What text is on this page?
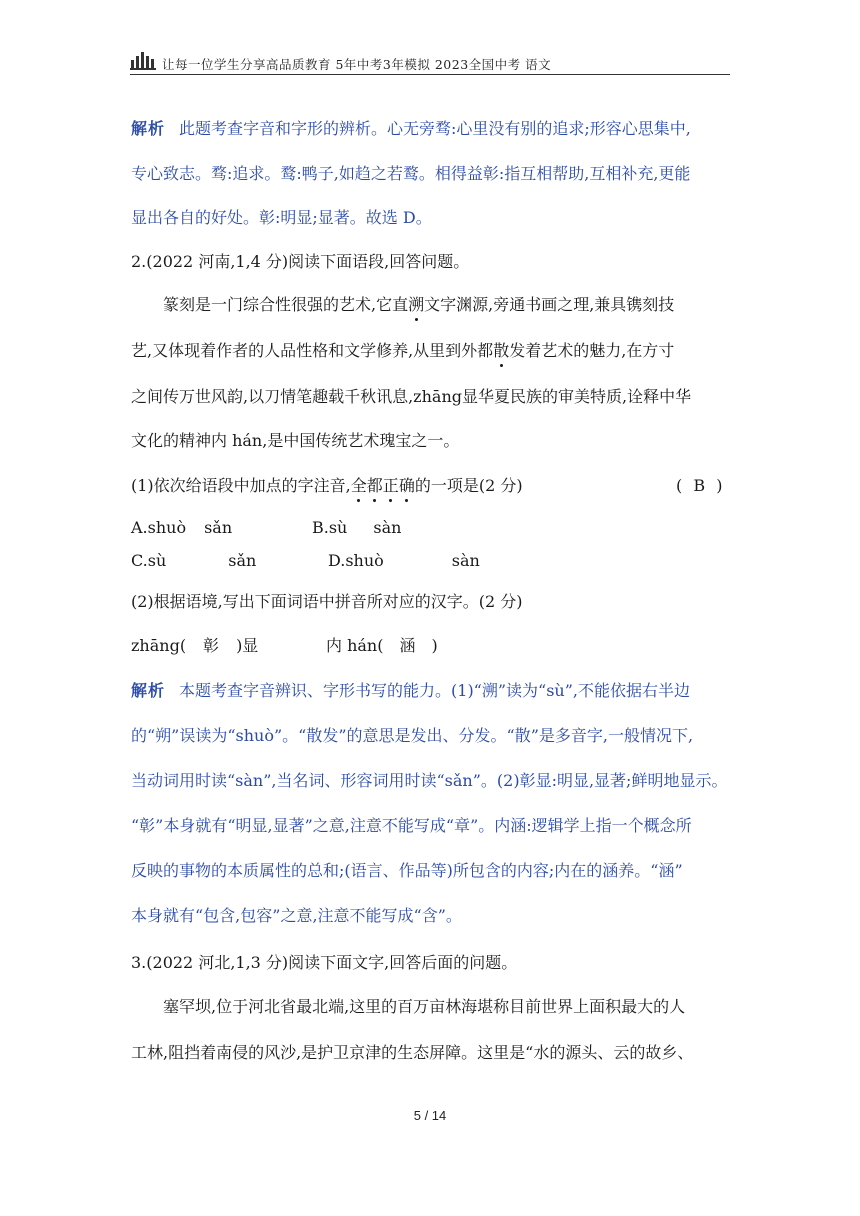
让每一位学生分享高品质教育 5年中考3年模拟 2023全国中考 语文
解析 此题考查字音和字形的辨析。心无旁骛:心里没有别的追求;形容心思集中,
专心致志。骛:追求。鹜:鸭子,如趋之若鹜。相得益彰:指互相帮助,互相补充,更能
显出各自的好处。彰:明显;显著。故选 D。
2.(2022 河南,1,4 分)阅读下面语段,回答问题。
篆刻是一门综合性很强的艺术,它直溯文字渊源,旁通书画之理,兼具镌刻技
艺,又体现着作者的人品性格和文学修养,从里到外都散发着艺术的魅力,在方寸
之间传万世风韵,以刀情笔趣载千秋讯息,zhāng显华夏民族的审美特质,诠释中华
文化的精神内 hán,是中国传统艺术瑰宝之一。
(1)依次给语段中加点的字注音,全都正确的一项是(2 分)	( B )
A.shuò sǎn	B.sù sàn
C.sù	sǎn	D.shuò	sàn
(2)根据语境,写出下面词语中拼音所对应的汉字。(2 分)
zhāng( 彰 )显	内 hán( 涵 )
解析 本题考查字音辨识、字形书写的能力。(1)“溯”读为“sù”,不能依据右半边
的“朔”误读为“shuò”。“散发”的意思是发出、分发。“散”是多音字,一般情况下,
当动词用时读“sàn”,当名词、形容词用时读“sǎn”。(2)彰显:明显,显著;鲜明地显示。
“彰”本身就有“明显,显著”之意,注意不能写成“章”。内涵:逻辑学上指一个概念所
反映的事物的本质属性的总和;(语言、作品等)所包含的内容;内在的涵养。“涵”
本身就有“包含,包容”之意,注意不能写成“含”。
3.(2022 河北,1,3 分)阅读下面文字,回答后面的问题。
塞罕坝,位于河北省最北端,这里的百万亩林海堪称目前世界上面积最大的人
工林,阻挡着南侵的风沙,是护卫京津的生态屏障。这里是“水的源头、云的故乡、
5 / 14
